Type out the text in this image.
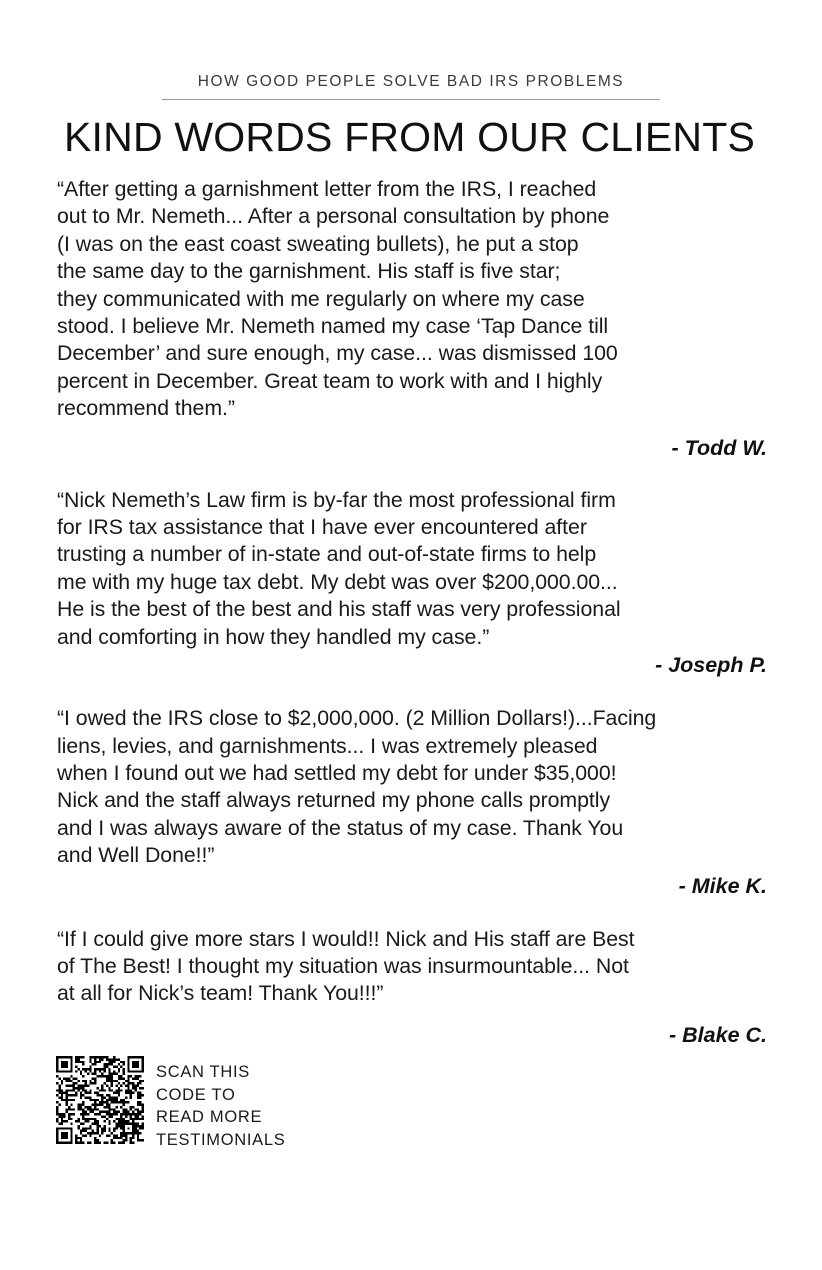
HOW GOOD PEOPLE SOLVE BAD IRS PROBLEMS
KIND WORDS FROM OUR CLIENTS
“After getting a garnishment letter from the IRS, I reached
out to Mr. Nemeth... After a personal consultation by phone
(I was on the east coast sweating bullets), he put a stop
the same day to the garnishment. His staff is five star;
they communicated with me regularly on where my case
stood. I believe Mr. Nemeth named my case ‘Tap Dance till
December’ and sure enough, my case... was dismissed 100
percent in December. Great team to work with and I highly
recommend them.”
- Todd W.
“Nick Nemeth’s Law firm is by-far the most professional firm
for IRS tax assistance that I have ever encountered after
trusting a number of in-state and out-of-state firms to help
me with my huge tax debt. My debt was over $200,000.00...
He is the best of the best and his staff was very professional
and comforting in how they handled my case.”
- Joseph P.
“I owed the IRS close to $2,000,000. (2 Million Dollars!)...Facing
liens, levies, and garnishments... I was extremely pleased
when I found out we had settled my debt for under $35,000!
Nick and the staff always returned my phone calls promptly
and I was always aware of the status of my case. Thank You
and Well Done!!”
- Mike K.
“If I could give more stars I would!! Nick and His staff are Best
of The Best! I thought my situation was insurmountable... Not
at all for Nick’s team! Thank You!!!”
- Blake C.
SCAN THIS
CODE TO
READ MORE
TESTIMONIALS
